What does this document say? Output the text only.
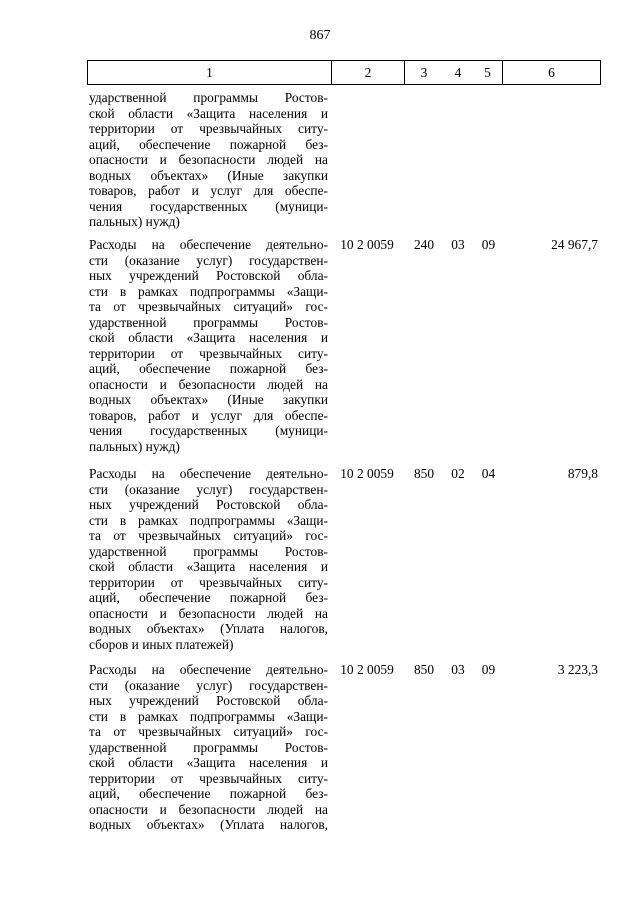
867
1	2	3	4	5	6
ударственной программы Ростов-
ской области «Защита населения и
территории от чрезвычайных ситу-
аций, обеспечение пожарной без-
опасности и безопасности людей на
водных объектах» (Иные закупки
товаров, работ и услуг для обеспе-
чения государственных (муници-
пальных) нужд)
Расходы на обеспечение деятельно-
сти (оказание услуг) государствен-
ных учреждений Ростовской обла-
сти в рамках подпрограммы «Защи-
та от чрезвычайных ситуаций» гос-
ударственной программы Ростов-
ской области «Защита населения и
территории от чрезвычайных ситу-
аций, обеспечение пожарной без-
опасности и безопасности людей на
водных объектах» (Иные закупки
товаров, работ и услуг для обеспе-
чения государственных (муници-
пальных) нужд)
10 2 0059	240	03	09	24 967,7
Расходы на обеспечение деятельно-
сти (оказание услуг) государствен-
ных учреждений Ростовской обла-
сти в рамках подпрограммы «Защи-
та от чрезвычайных ситуаций» гос-
ударственной программы Ростов-
ской области «Защита населения и
территории от чрезвычайных ситу-
аций, обеспечение пожарной без-
опасности и безопасности людей на
водных объектах» (Уплата налогов,
сборов и иных платежей)
10 2 0059	850	02	04	879,8
Расходы на обеспечение деятельно-
сти (оказание услуг) государствен-
ных учреждений Ростовской обла-
сти в рамках подпрограммы «Защи-
та от чрезвычайных ситуаций» гос-
ударственной программы Ростов-
ской области «Защита населения и
территории от чрезвычайных ситу-
аций, обеспечение пожарной без-
опасности и безопасности людей на
водных объектах» (Уплата налогов,
10 2 0059	850	03	09	3 223,3
